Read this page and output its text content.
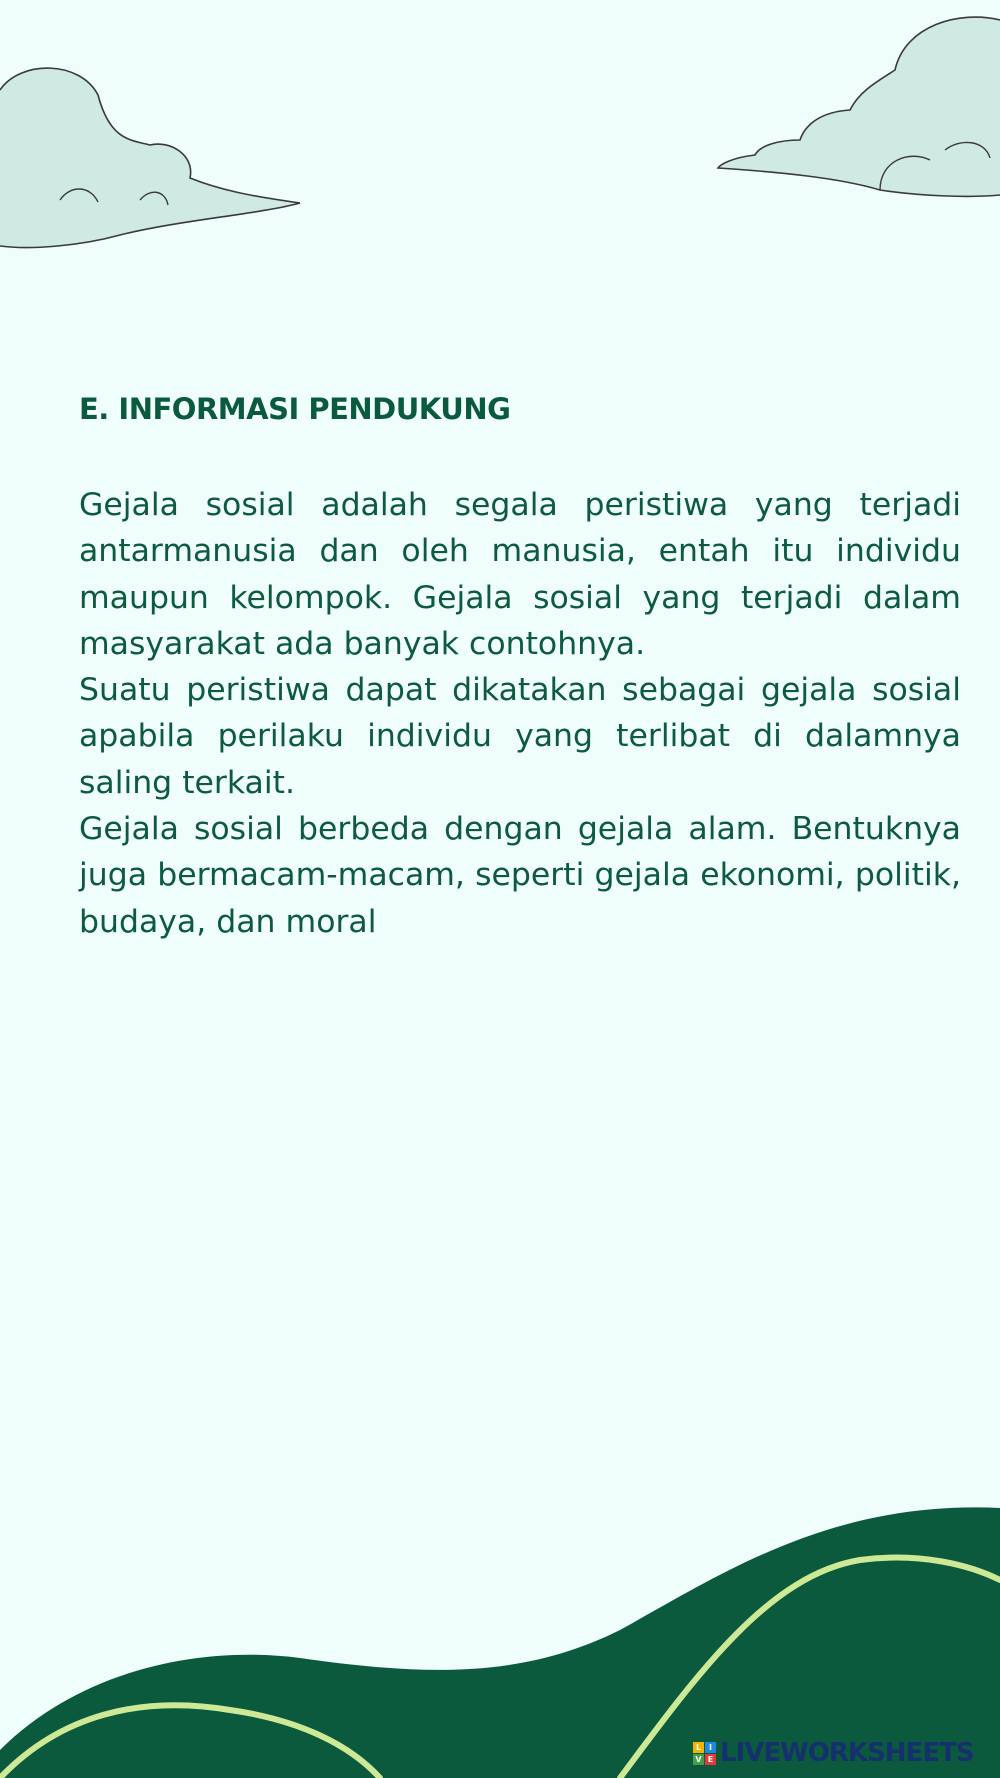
E. INFORMASI PENDUKUNG

Gejala sosial adalah segala peristiwa yang terjadi antarmanusia dan oleh manusia, entah itu individu maupun kelompok. Gejala sosial yang terjadi dalam masyarakat ada banyak contohnya.

Suatu peristiwa dapat dikatakan sebagai gejala sosial apabila perilaku individu yang terlibat di dalamnya saling terkait.

Gejala sosial berbeda dengan gejala alam. Bentuknya juga bermacam-macam, seperti gejala ekonomi, politik, budaya, dan moral

L I
V E LIVEWORKSHEETS
